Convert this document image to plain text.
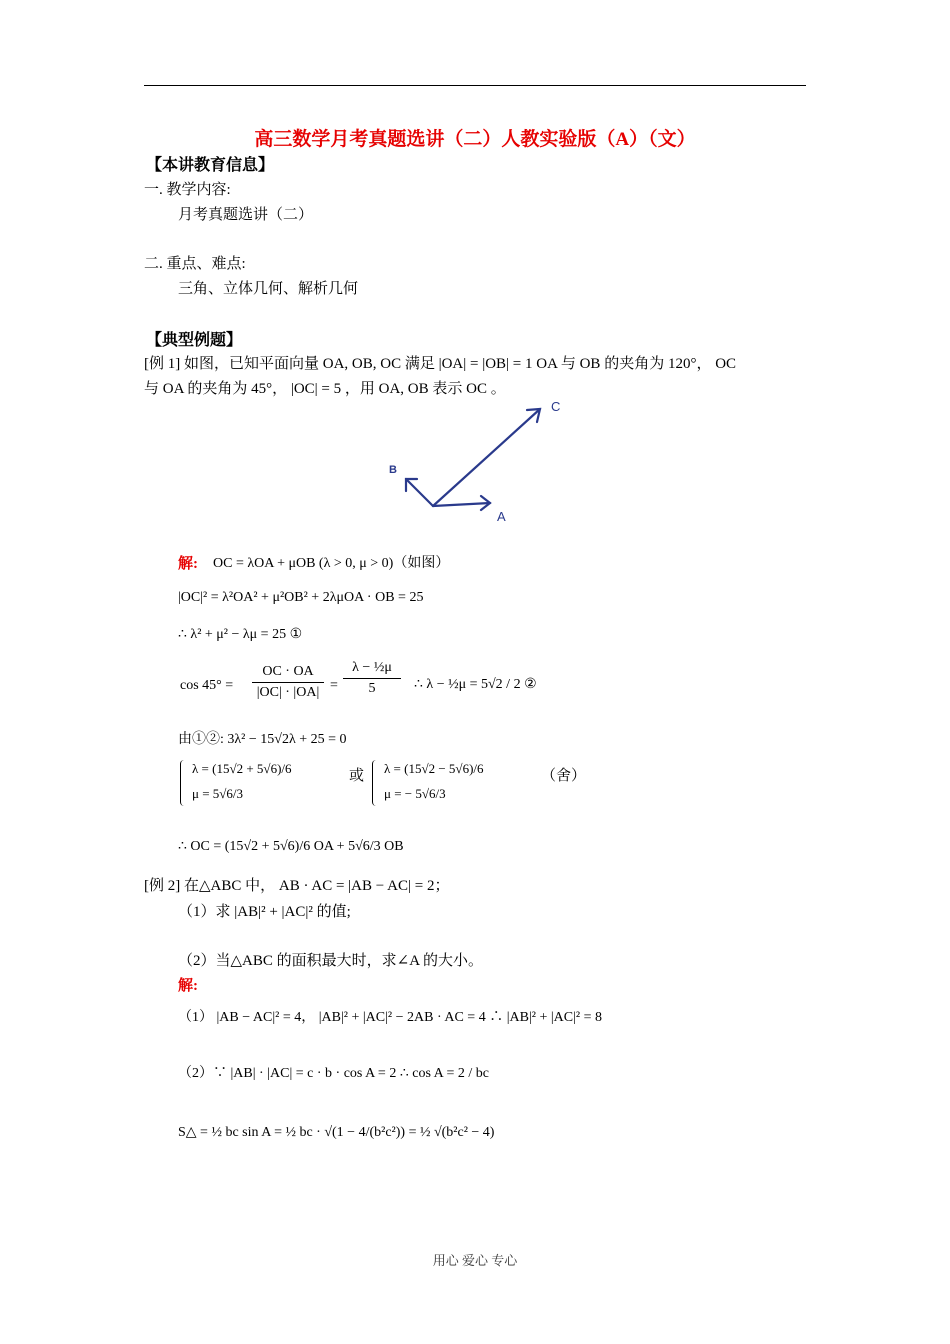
高三数学月考真题选讲（二）人教实验版（A）（文）
【本讲教育信息】
一. 教学内容:
月考真题选讲（二）
二. 重点、难点:
三角、立体几何、解析几何
【典型例题】
[例 1] 如图，已知平面向量 OA, OB, OC 满足 |OA| = |OB| = 1 OA 与 OB 的夹角为 120°， OC
与 OA 的夹角为 45°， |OC| = 5 ，用 OA, OB 表示 OC 。
C
B
A
解: OC = λOA + μOB (λ > 0, μ > 0)（如图）
|OC|² = λ²OA² + μ²OB² + 2λμOA · OB = 25
∴ λ² + μ² − λμ = 25 ①
cos 45° =
OC · OA
|OC| · |OA| =
λ − ½μ
5	∴ λ − ½μ = 5√2 / 2 ②
由①②: 3λ² − 15√2λ + 25 = 0
λ = (15√2 + 5√6)/6
μ = 5√6/3
或 λ = (15√2 − 5√6)/6
μ = − 5√6/3
（舍）
∴ OC = (15√2 + 5√6)/6 OA + 5√6/3 OB
[例 2] 在△ABC 中， AB · AC = |AB − AC| = 2；
（1）求 |AB|² + |AC|² 的值;
（2）当△ABC 的面积最大时，求∠A 的大小。
解:
（1） |AB − AC|² = 4， |AB|² + |AC|² − 2AB · AC = 4 ∴ |AB|² + |AC|² = 8
（2）∵ |AB| · |AC| = c · b · cos A = 2 ∴ cos A = 2 / bc
S△ = ½ bc sin A = ½ bc · √(1 − 4/(b²c²)) = ½ √(b²c² − 4)
用心 爱心 专心
